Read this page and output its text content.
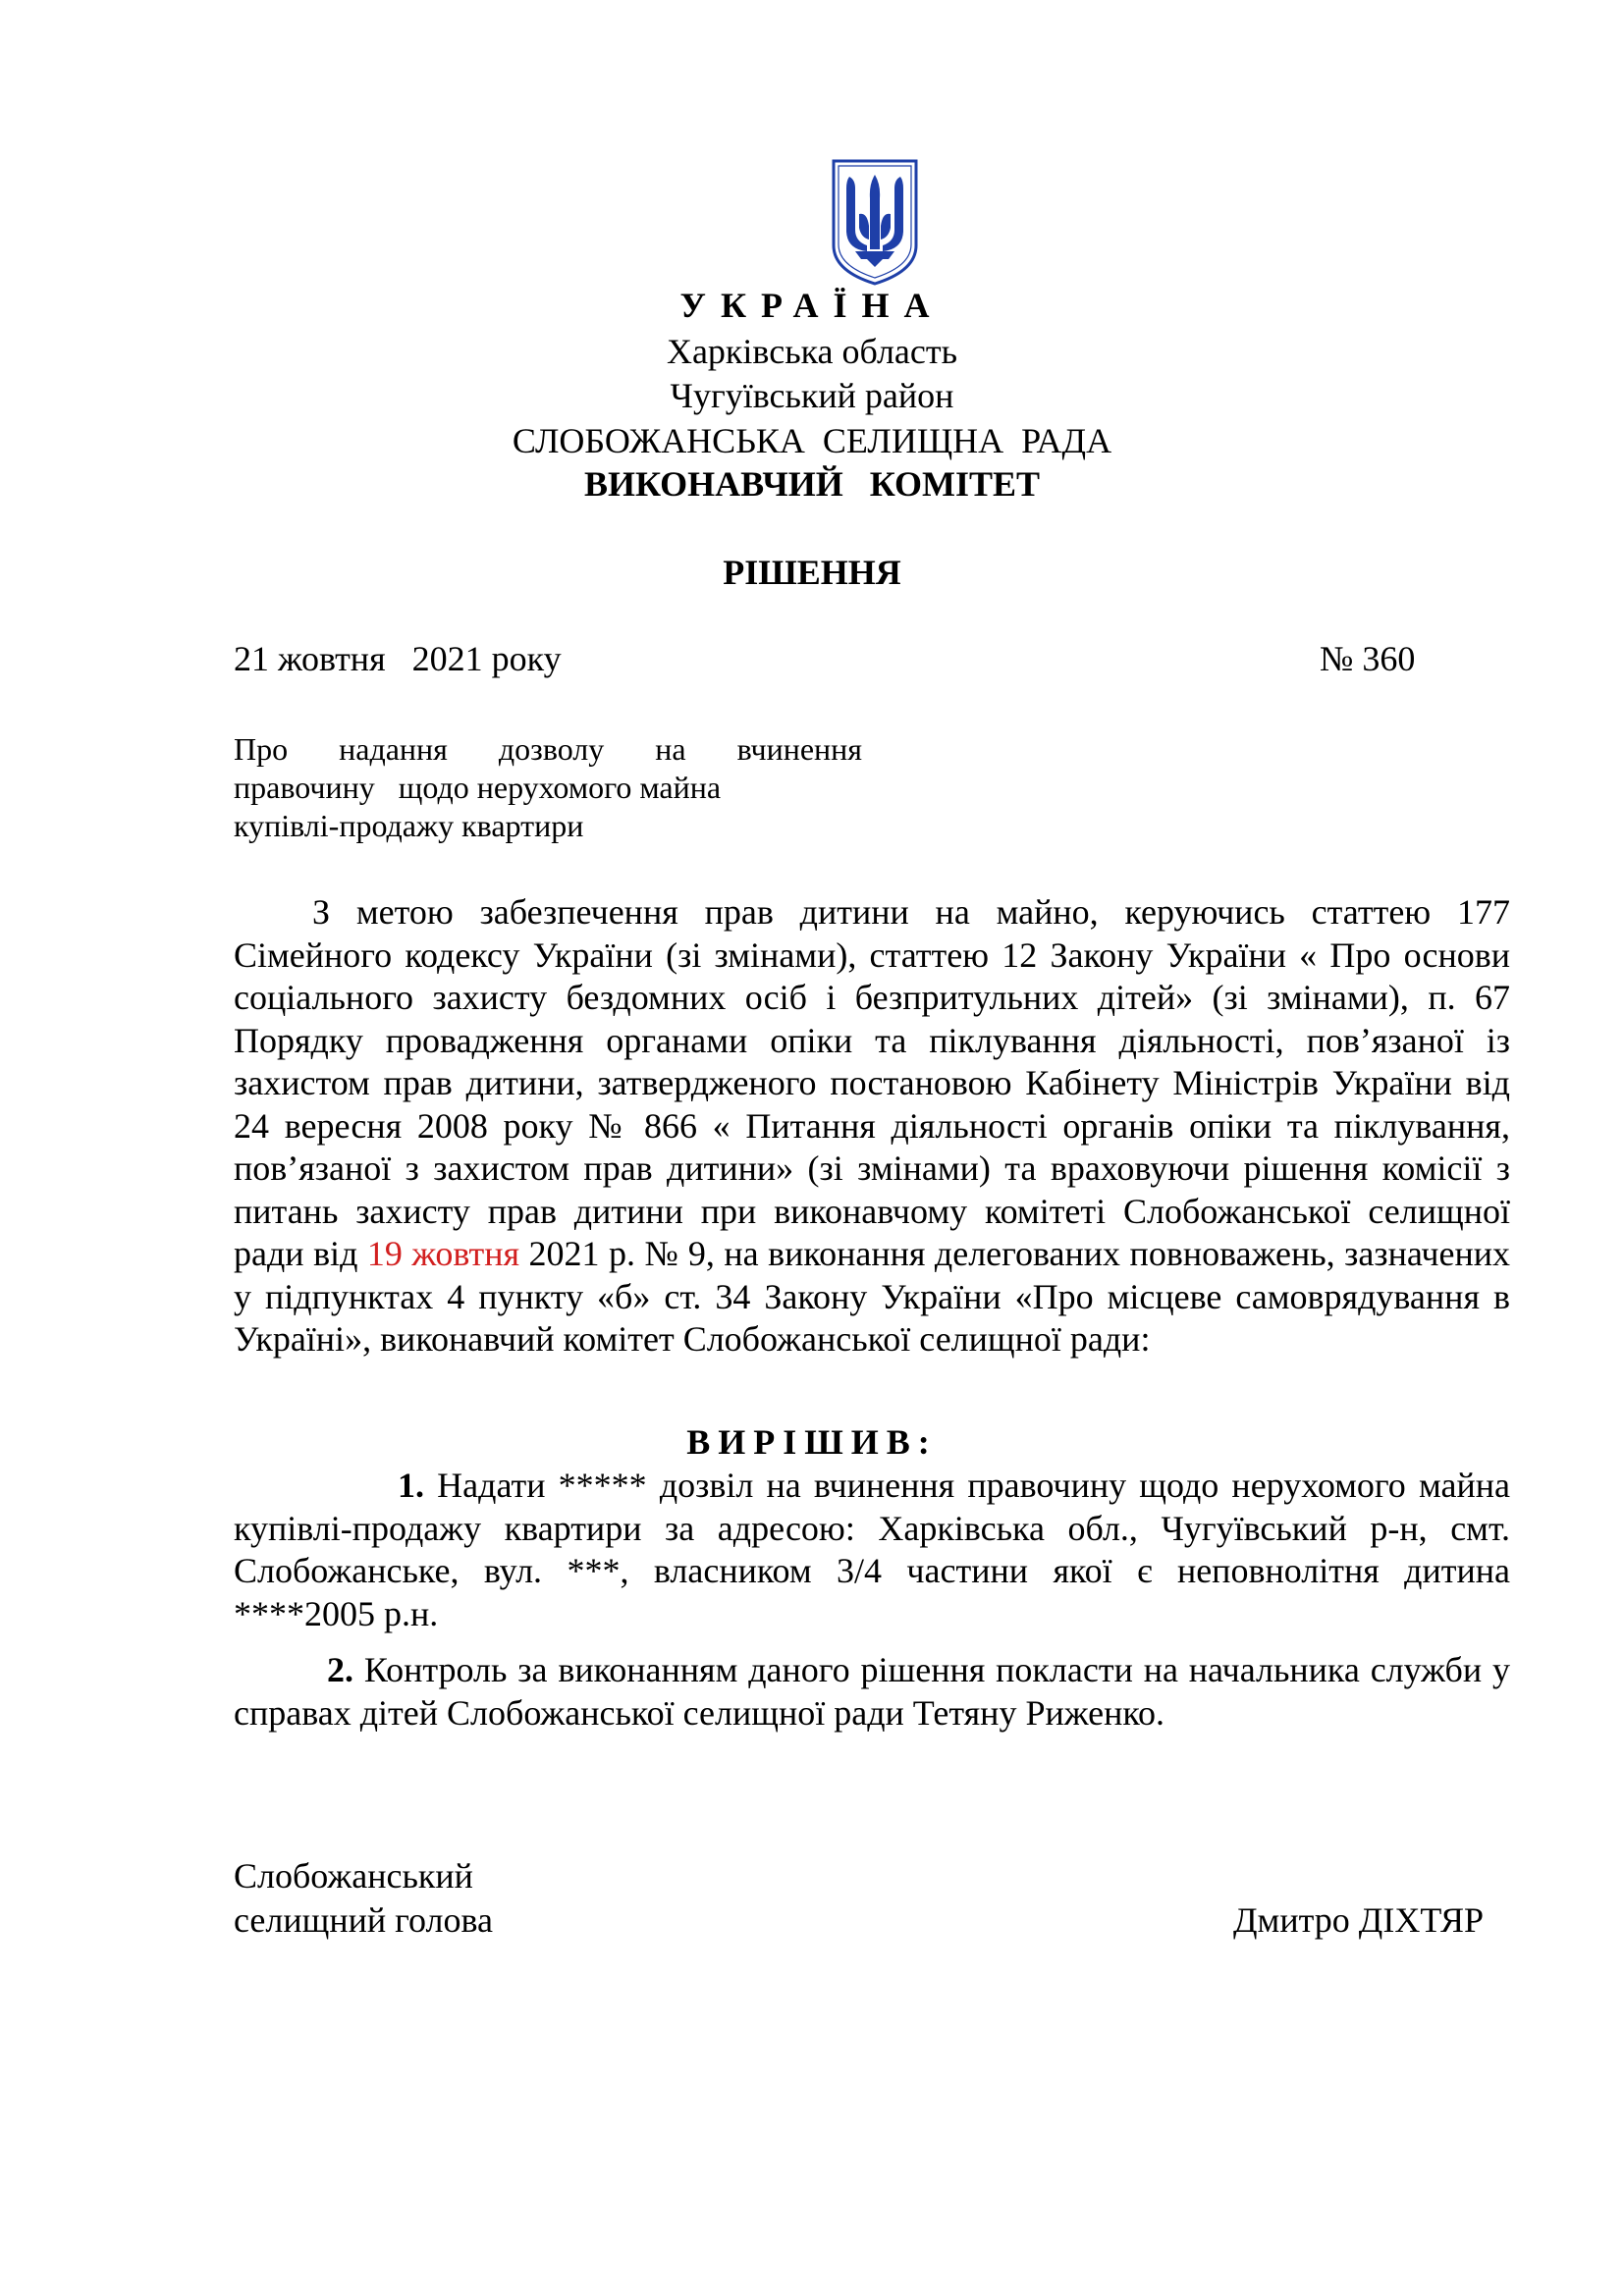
УКРАЇНА
Харківська область
Чугуївський район
СЛОБОЖАНСЬКА  СЕЛИЩНА  РАДА
ВИКОНАВЧИЙ   КОМІТЕТ
РІШЕННЯ
21 жовтня   2021 року	№ 360
Про надання дозволу на вчинення
правочину   щодо нерухомого майна
купівлі-продажу квартири
З метою забезпечення прав дитини на майно, керуючись статтею 177 Сімейного кодексу України (зі змінами), статтею 12 Закону України « Про основи соціального захисту бездомних осіб і безпритульних дітей» (зі змінами), п. 67 Порядку провадження органами опіки та піклування діяльності, пов’язаної із захистом прав дитини, затвердженого постановою Кабінету Міністрів України від 24 вересня 2008 року № 866 « Питання діяльності органів опіки та піклування, пов’язаної з захистом прав дитини» (зі змінами) та враховуючи рішення комісії з питань захисту прав дитини при виконавчому комітеті Слобожанської селищної ради від 19 жовтня 2021 р. № 9, на виконання делегованих повноважень, зазначених у підпунктах 4 пункту «б» ст. 34 Закону України «Про місцеве самоврядування в Україні», виконавчий комітет Слобожанської селищної ради:
ВИРІШИВ:
1. Надати ***** дозвіл на вчинення правочину щодо нерухомого майна купівлі-продажу квартири за адресою: Харківська обл., Чугуївський р-н, смт. Слобожанське, вул. ***, власником 3/4 частини якої є неповнолітня дитина ****2005 р.н.
2. Контроль за виконанням даного рішення покласти на начальника служби у справах дітей Слобожанської селищної ради Тетяну Риженко.
Слобожанський
селищний голова	Дмитро ДІХТЯР
